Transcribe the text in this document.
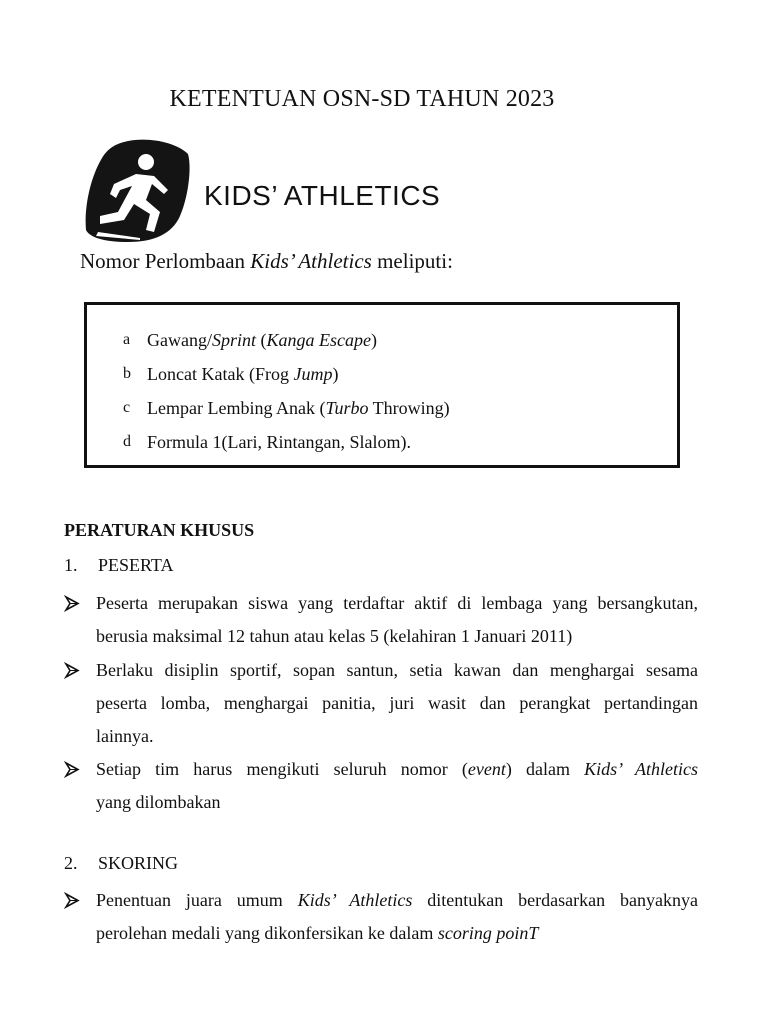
KETENTUAN OSN-SD TAHUN 2023
KIDS’ ATHLETICS
Nomor Perlombaan Kids’ Athletics meliputi:
a Gawang/Sprint (Kanga Escape)
b Loncat Katak (Frog Jump)
c Lempar Lembing Anak (Turbo Throwing)
d Formula 1(Lari, Rintangan, Slalom).
PERATURAN KHUSUS
1.	PESERTA
Peserta merupakan siswa yang terdaftar aktif di lembaga yang bersangkutan,
berusia maksimal 12 tahun atau kelas 5 (kelahiran 1 Januari 2011)
Berlaku disiplin sportif, sopan santun, setia kawan dan menghargai sesama
peserta lomba, menghargai panitia, juri wasit dan perangkat pertandingan
lainnya.
Setiap tim harus mengikuti seluruh nomor (event) dalam Kids’ Athletics
yang dilombakan
2.	SKORING
Penentuan juara umum Kids’ Athletics ditentukan berdasarkan banyaknya
perolehan medali yang dikonfersikan ke dalam scoring poinT
